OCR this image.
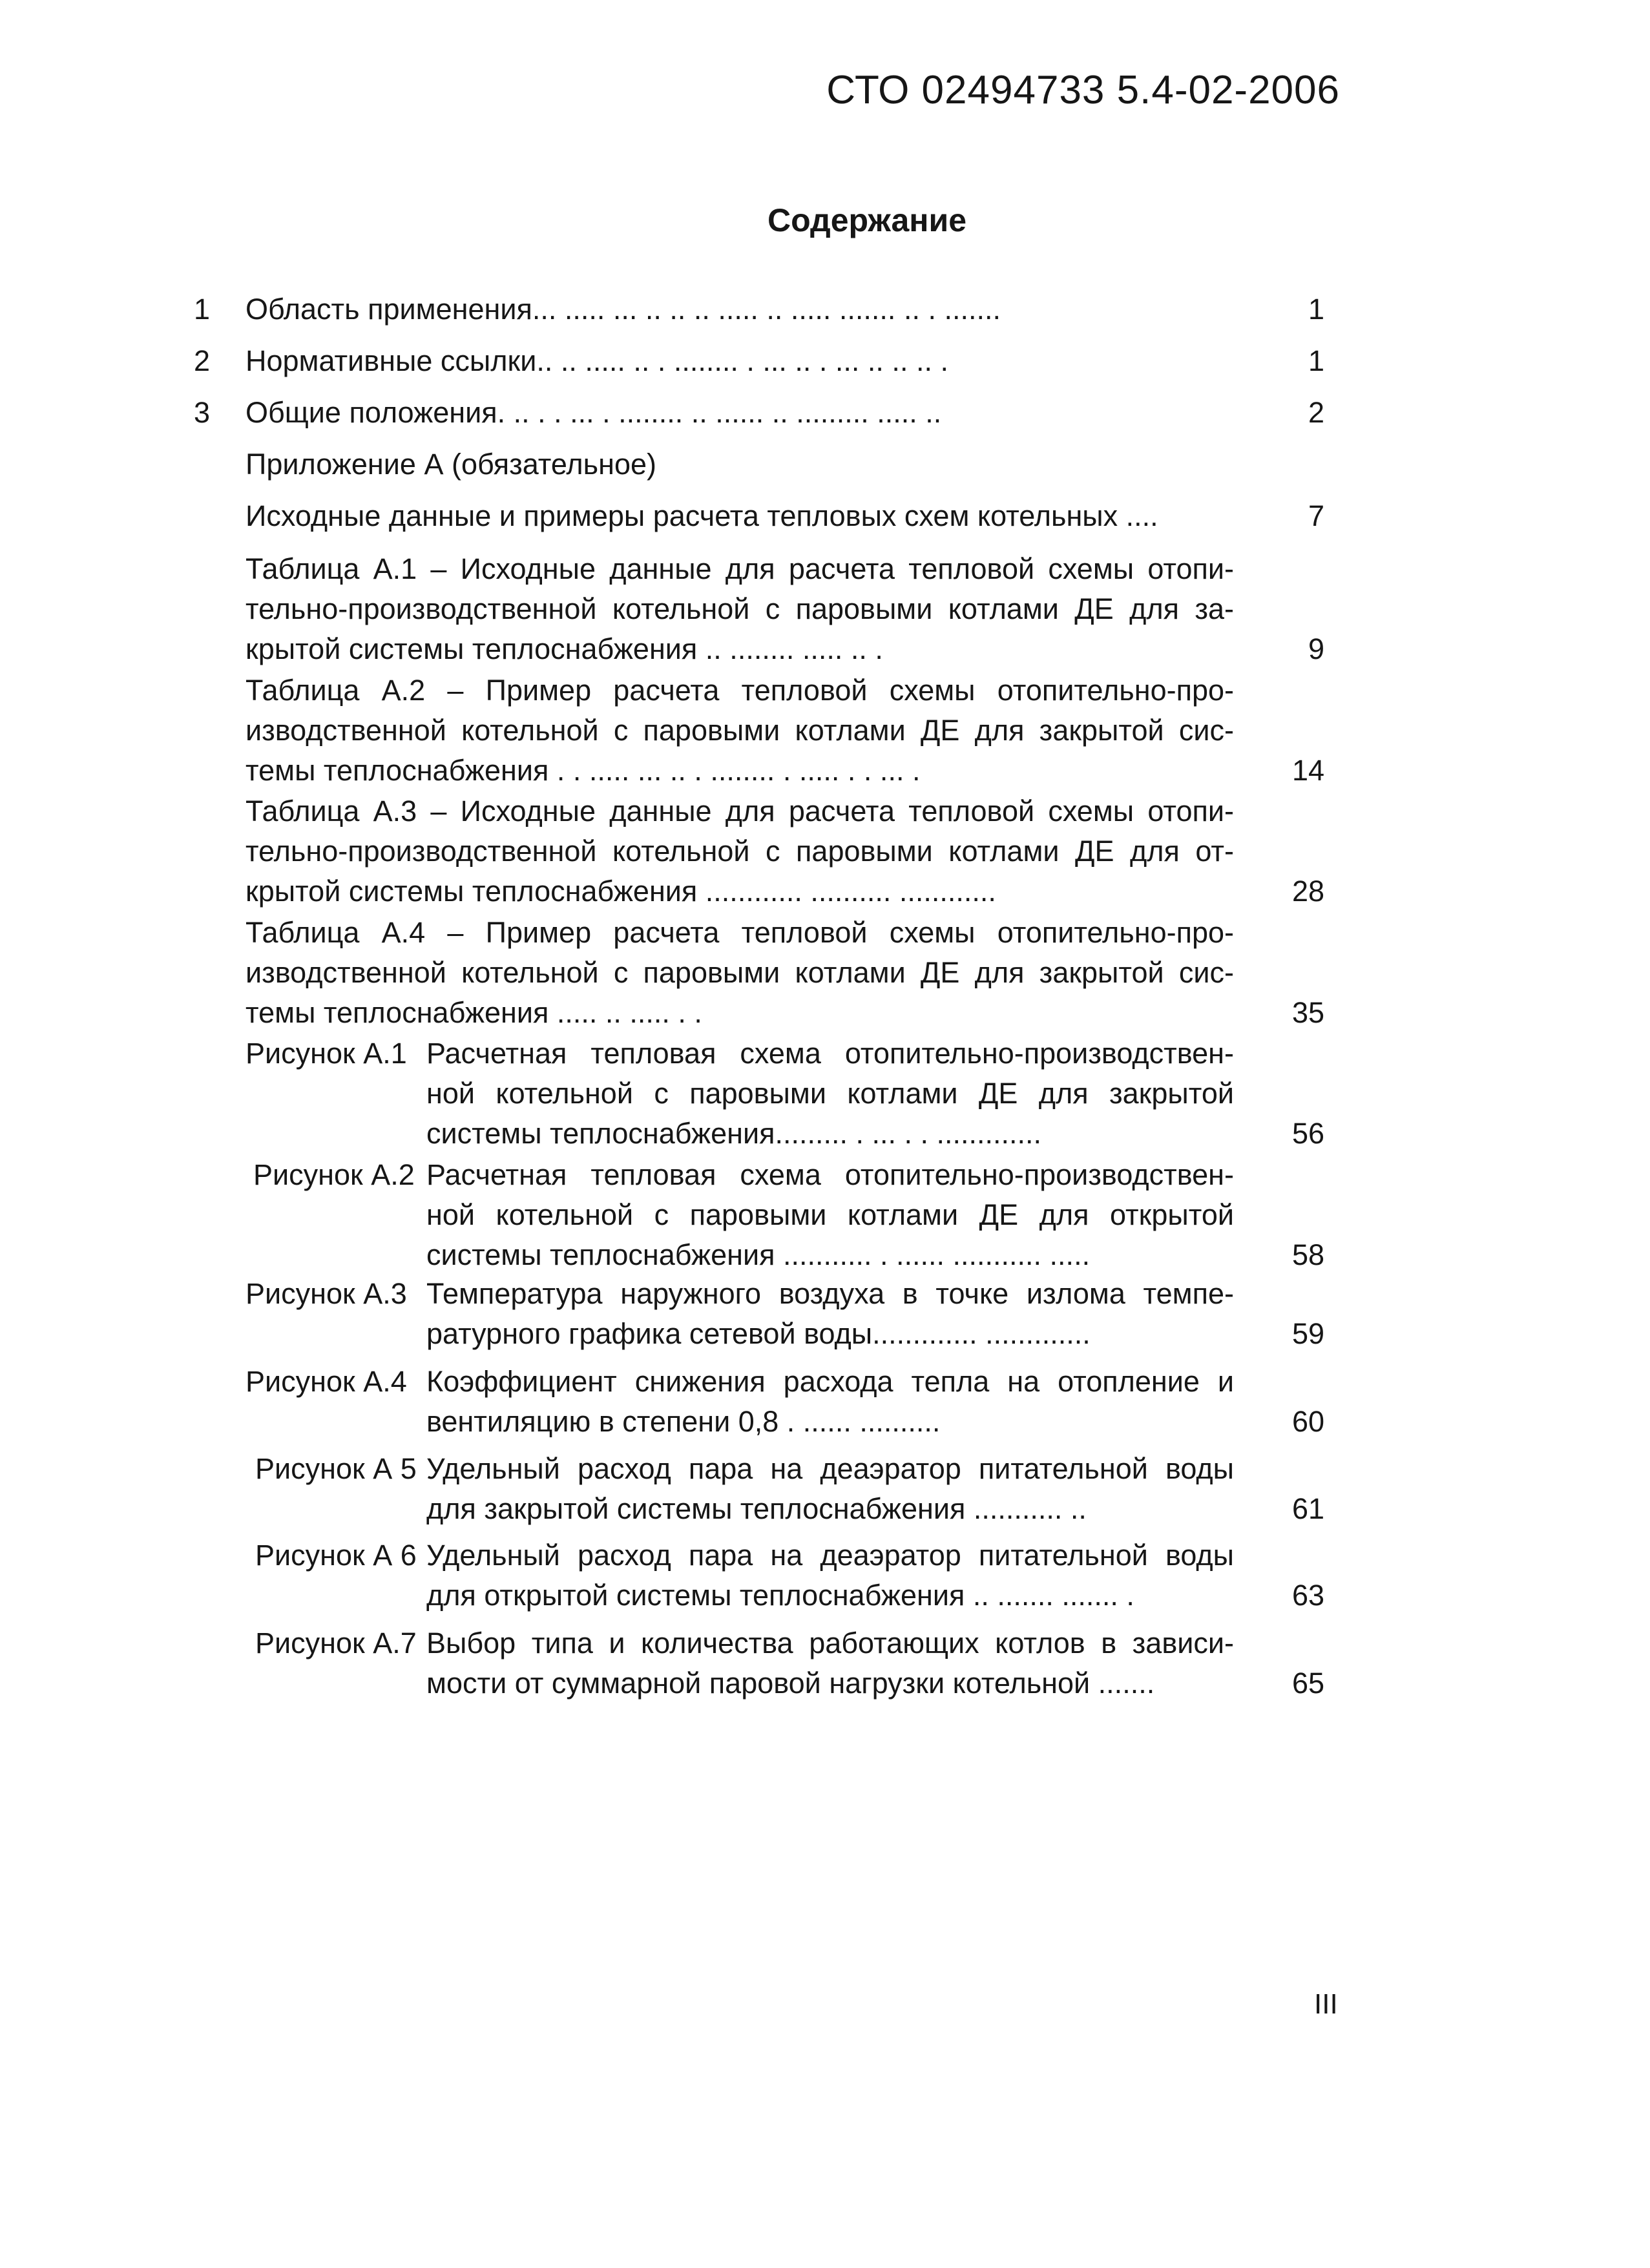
СТО 02494733 5.4-02-2006
Содержание
1 Область применения... ..... ... .. .. .. ..... .. ..... ....... .. . .......	1
2 Нормативные ссылки.. .. ..... .. . ........ . ... .. . ... .. .. .. .	1
3 Общие положения. .. . . ... . ........ .. ...... .. ......... ..... ..	2
Приложение А (обязательное)
Исходные данные и примеры расчета тепловых схем котельных ....	7
Таблица А.1 – Исходные данные для расчета тепловой схемы отопи-
тельно-производственной котельной с паровыми котлами ДЕ для за-
крытой системы теплоснабжения .. ........ ..... .. .	9
Таблица А.2 – Пример расчета тепловой схемы отопительно-про-
изводственной котельной с паровыми котлами ДЕ для закрытой сис-
темы теплоснабжения . . ..... ... .. . ........ . ..... . . ... .	14
Таблица А.3 – Исходные данные для расчета тепловой схемы отопи-
тельно-производственной котельной с паровыми котлами ДЕ для от-
крытой системы теплоснабжения ............ .......... ............	28
Таблица А.4 – Пример расчета тепловой схемы отопительно-про-
изводственной котельной с паровыми котлами ДЕ для закрытой сис-
темы теплоснабжения ..... .. ..... . .	35
Рисунок А.1 Расчетная тепловая схема отопительно-производствен-
ной котельной с паровыми котлами ДЕ для закрытой
системы теплоснабжения......... . ... . . .............	56
Рисунок А.2 Расчетная тепловая схема отопительно-производствен-
ной котельной с паровыми котлами ДЕ для открытой
системы теплоснабжения ........... . ...... ........... .....	58
Рисунок А.3 Температура наружного воздуха в точке излома темпе-
ратурного графика сетевой воды............. .............	59
Рисунок А.4 Коэффициент снижения расхода тепла на отопление и
вентиляцию в степени 0,8 . ...... ..........	60
Рисунок А 5 Удельный расход пара на деаэратор питательной воды
для закрытой системы теплоснабжения ........... ..	61
Рисунок А 6 Удельный расход пара на деаэратор питательной воды
для открытой системы теплоснабжения .. ....... ....... .	63
Рисунок А.7 Выбор типа и количества работающих котлов в зависи-
мости от суммарной паровой нагрузки котельной .......	65
III
